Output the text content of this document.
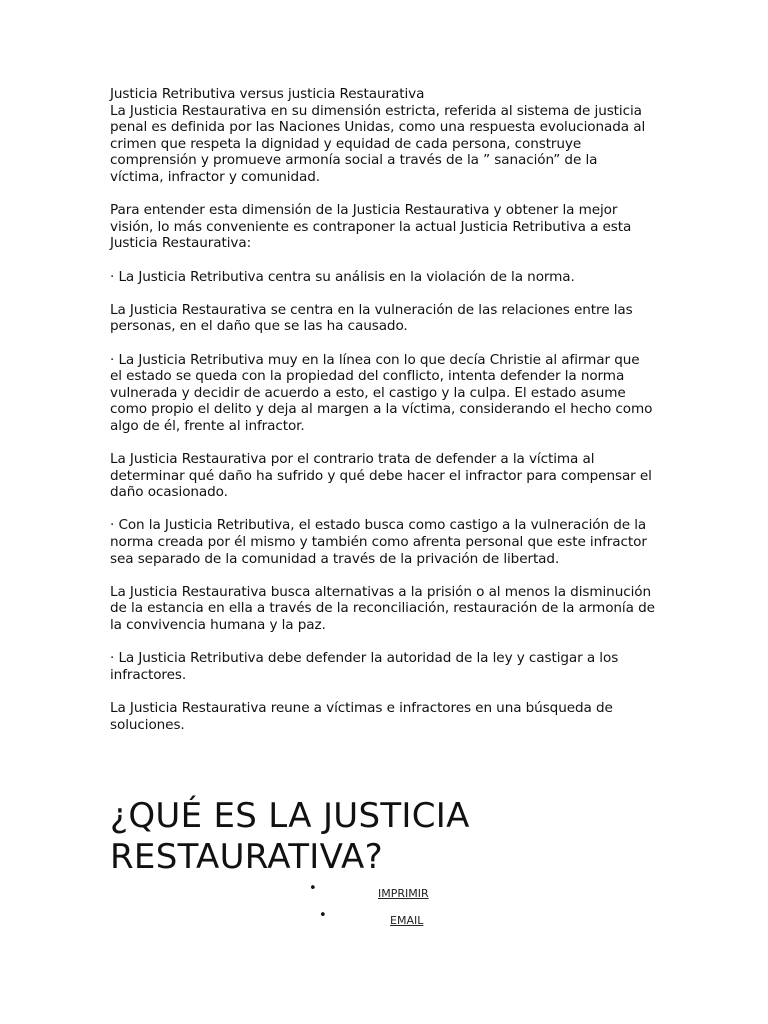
Justicia Retributiva versus justicia Restaurativa
La Justicia Restaurativa en su dimensión estricta, referida al sistema de justicia penal es definida por las Naciones Unidas, como una respuesta evolucionada al crimen que respeta la dignidad y equidad de cada persona, construye comprensión y promueve armonía social a través de la ” sanación” de la víctima, infractor y comunidad.

Para entender esta dimensión de la Justicia Restaurativa y obtener la mejor visión, lo más conveniente es contraponer la actual Justicia Retributiva a esta Justicia Restaurativa:

· La Justicia Retributiva centra su análisis en la violación de la norma.

La Justicia Restaurativa se centra en la vulneración de las relaciones entre las personas, en el daño que se las ha causado.

· La Justicia Retributiva muy en la línea con lo que decía Christie al afirmar que el estado se queda con la propiedad del conflicto, intenta defender la norma vulnerada y decidir de acuerdo a esto, el castigo y la culpa. El estado asume como propio el delito y deja al margen a la víctima, considerando el hecho como algo de él, frente al infractor.

La Justicia Restaurativa por el contrario trata de defender a la víctima al determinar qué daño ha sufrido y qué debe hacer el infractor para compensar el daño ocasionado.

· Con la Justicia Retributiva, el estado busca como castigo a la vulneración de la norma creada por él mismo y también como afrenta personal que este infractor sea separado de la comunidad a través de la privación de libertad.

La Justicia Restaurativa busca alternativas a la prisión o al menos la disminución de la estancia en ella a través de la reconciliación, restauración de la armonía de la convivencia humana y la paz.

· La Justicia Retributiva debe defender la autoridad de la ley y castigar a los infractores.

La Justicia Restaurativa reune a víctimas e infractores en una búsqueda de soluciones.

¿QUÉ ES LA JUSTICIA RESTAURATIVA?
•	IMPRIMIR
•	EMAIL
